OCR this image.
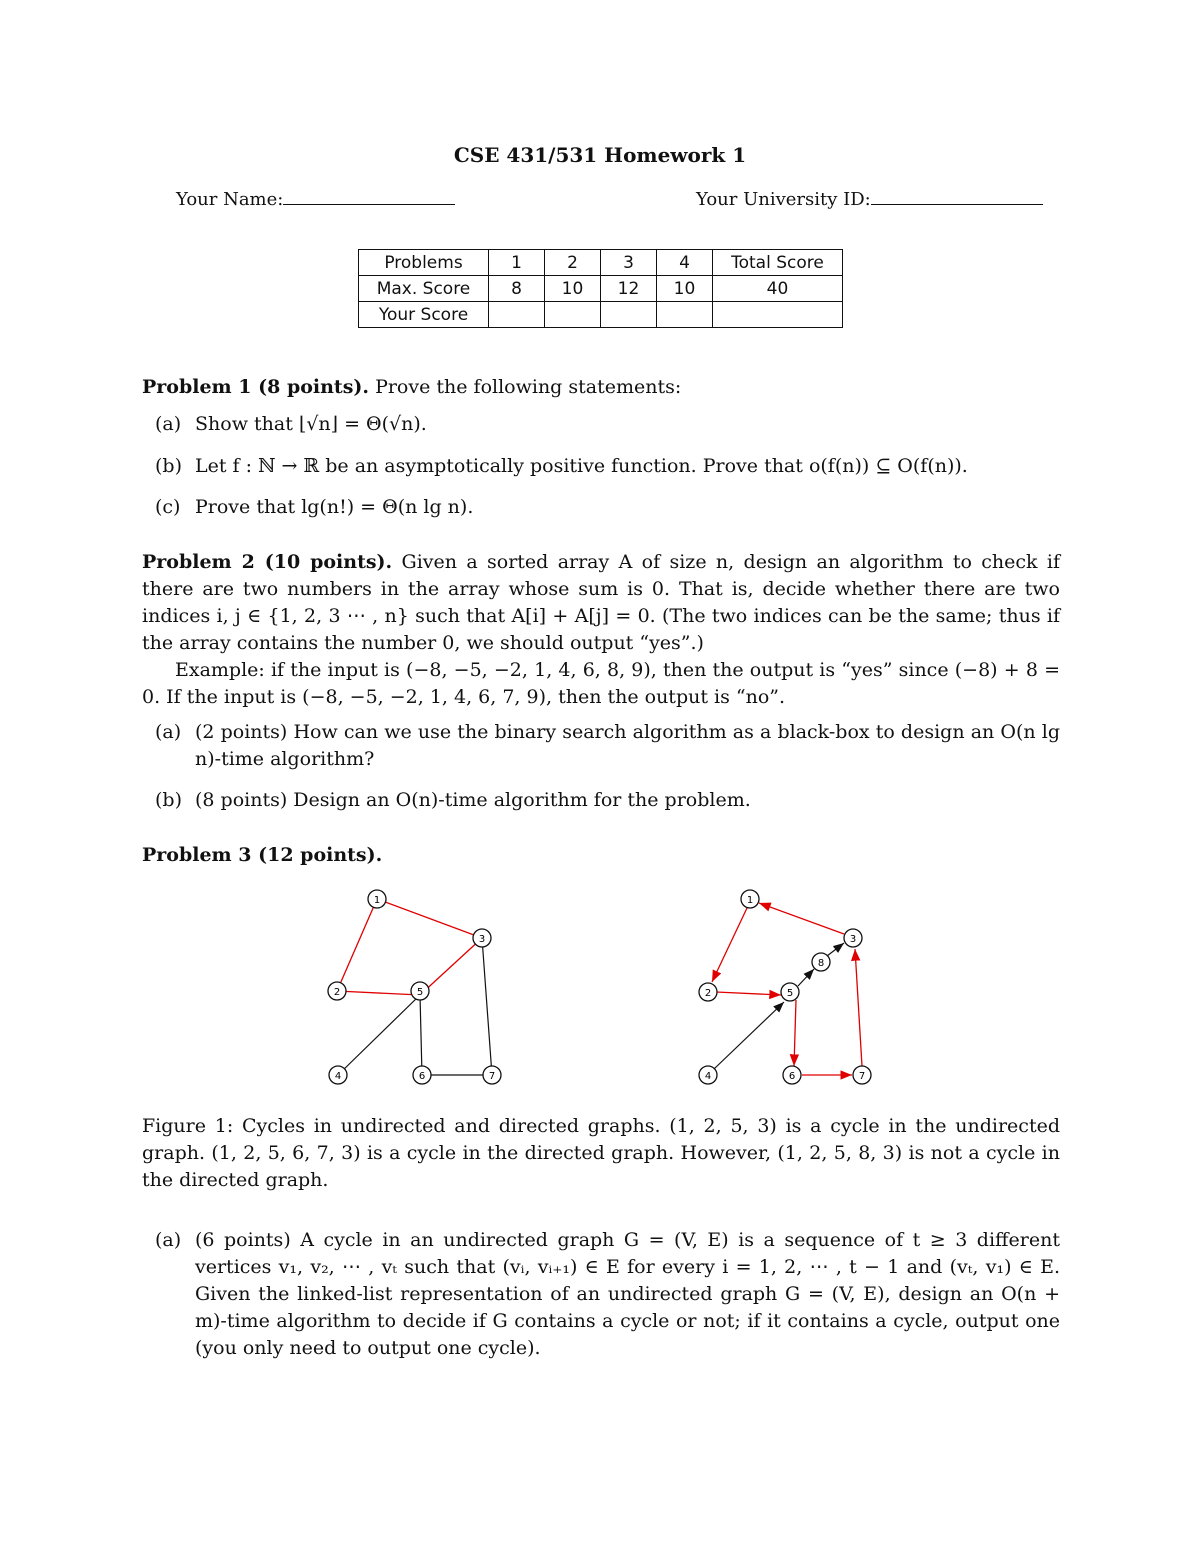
CSE 431/531 Homework 1
Your Name:	Your University ID:
Problems	1	2	3	4	Total Score
Max. Score	8	10	12	10	40
Your Score					
Problem 1 (8 points). Prove the following statements:
(a) Show that ⌊√n⌋ = Θ(√n).
(b) Let f : ℕ → ℝ be an asymptotically positive function. Prove that o(f(n)) ⊆ O(f(n)).
(c) Prove that lg(n!) = Θ(n lg n).
Problem 2 (10 points). Given a sorted array A of size n, design an algorithm to check if there are two numbers in the array whose sum is 0. That is, decide whether there are two indices i, j ∈ {1, 2, 3 ⋯ , n} such that A[i] + A[j] = 0. (The two indices can be the same; thus if the array contains the number 0, we should output “yes”.)
Example: if the input is (−8, −5, −2, 1, 4, 6, 8, 9), then the output is “yes” since (−8) + 8 = 0. If the input is (−8, −5, −2, 1, 4, 6, 7, 9), then the output is “no”.
(a) (2 points) How can we use the binary search algorithm as a black-box to design an O(n lg n)-time algorithm?
(b) (8 points) Design an O(n)-time algorithm for the problem.
Problem 3 (12 points).
1
2
3
4
5
6	7
1
2
3
4
5
6	7
8
Figure 1: Cycles in undirected and directed graphs. (1, 2, 5, 3) is a cycle in the undirected graph. (1, 2, 5, 6, 7, 3) is a cycle in the directed graph. However, (1, 2, 5, 8, 3) is not a cycle in the directed graph.
(a) (6 points) A cycle in an undirected graph G = (V, E) is a sequence of t ≥ 3 different vertices v₁, v₂, ⋯ , vₜ such that (vᵢ, vᵢ₊₁) ∈ E for every i = 1, 2, ⋯ , t − 1 and (vₜ, v₁) ∈ E. Given the linked-list representation of an undirected graph G = (V, E), design an O(n + m)-time algorithm to decide if G contains a cycle or not; if it contains a cycle, output one (you only need to output one cycle).
